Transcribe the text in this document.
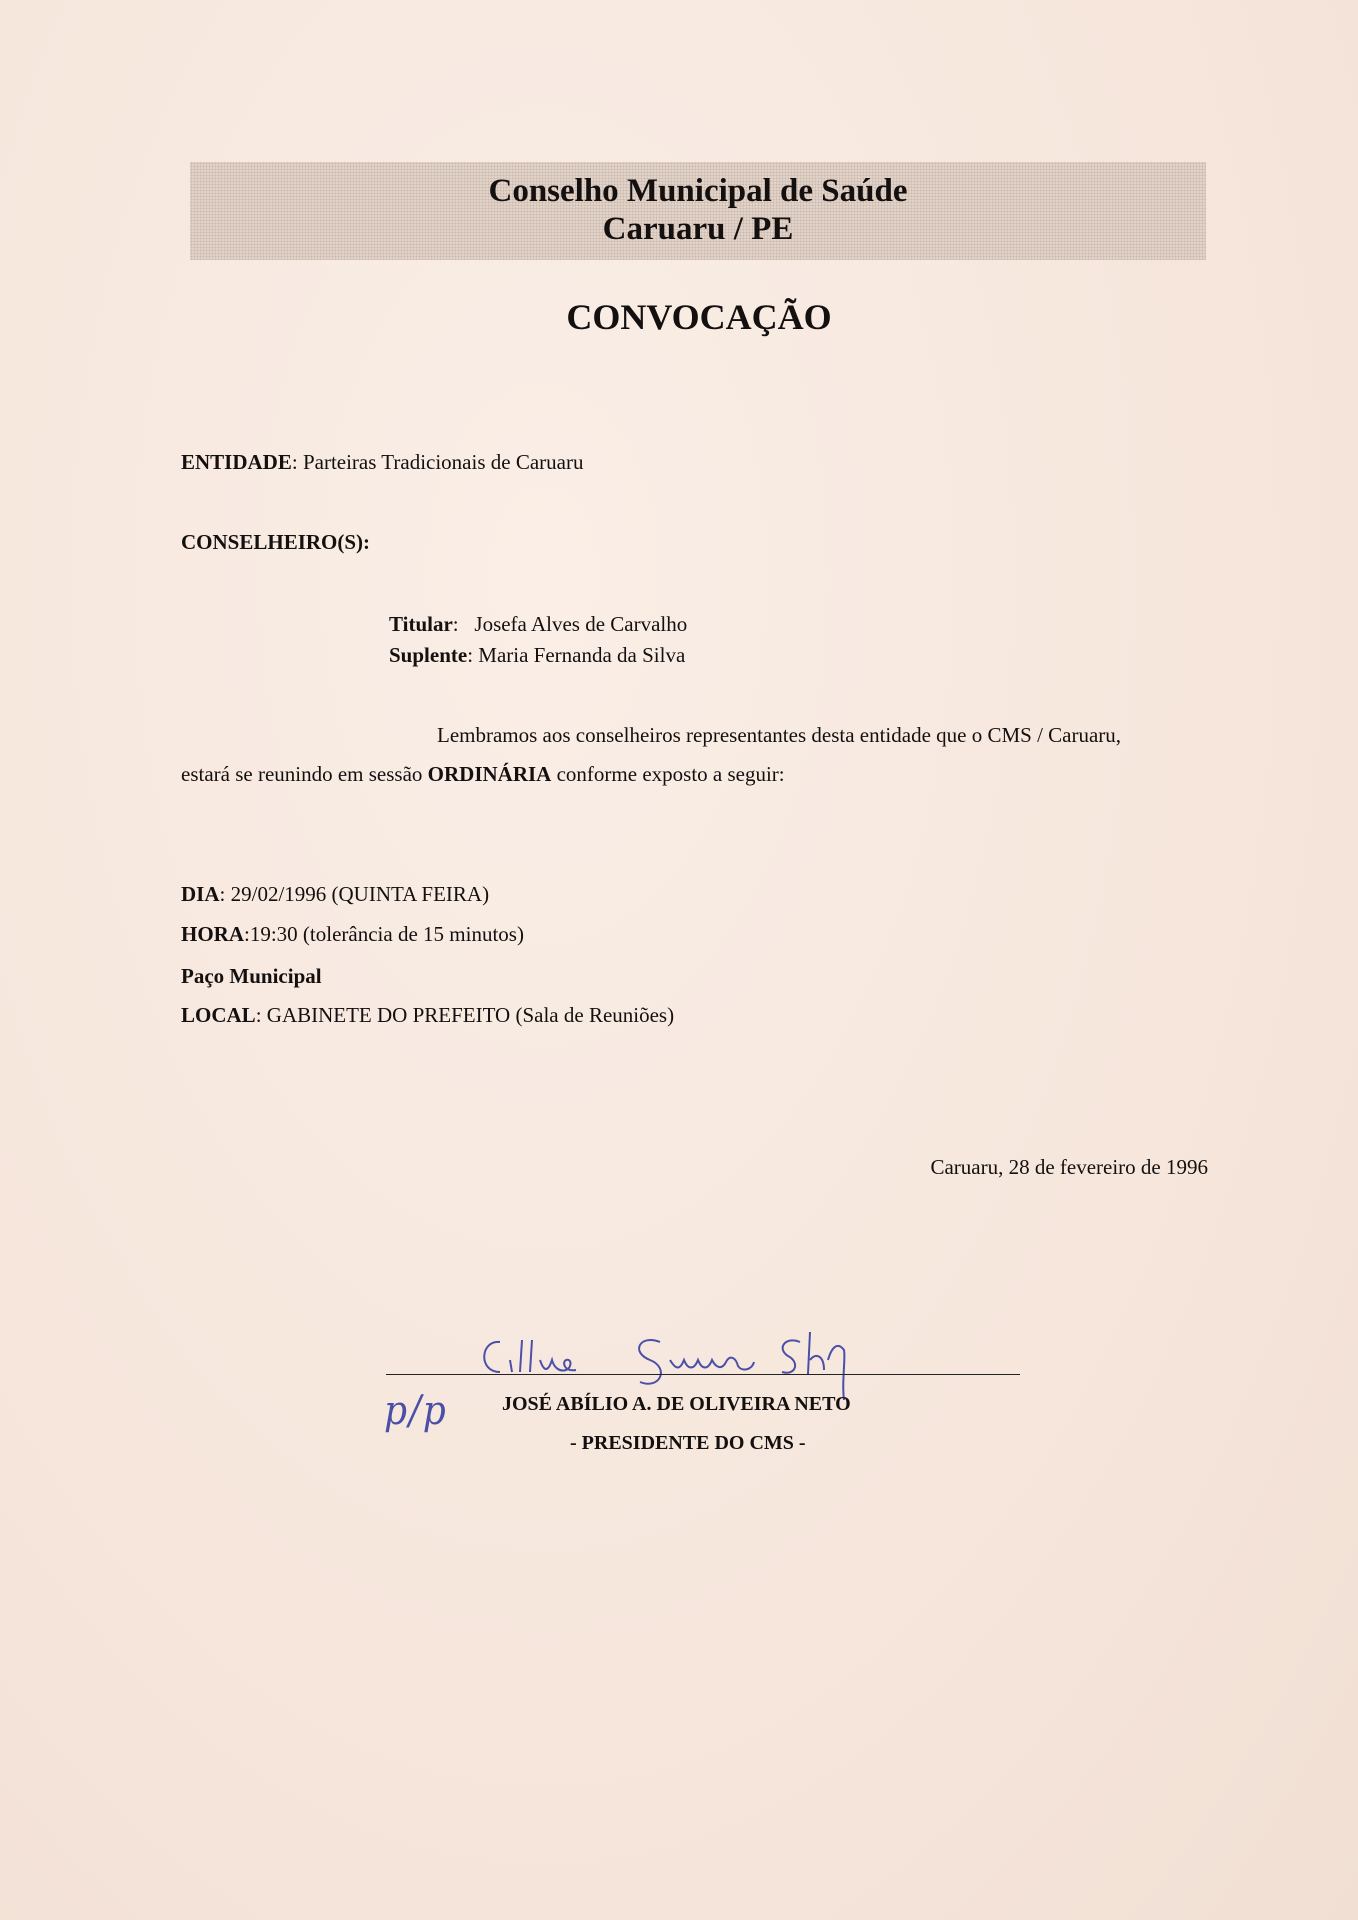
Conselho Municipal de Saúde
Caruaru / PE
CONVOCAÇÃO
ENTIDADE: Parteiras Tradicionais de Caruaru
CONSELHEIRO(S):
Titular:   Josefa Alves de Carvalho
Suplente: Maria Fernanda da Silva
Lembramos aos conselheiros representantes desta entidade que o CMS / Caruaru,
estará se reunindo em sessão ORDINÁRIA conforme exposto a seguir:
DIA: 29/02/1996 (QUINTA FEIRA)
HORA:19:30 (tolerância de 15 minutos)
Paço Municipal
LOCAL: GABINETE DO PREFEITO (Sala de Reuniões)
Caruaru, 28 de fevereiro de 1996
p/p	JOSÉ ABÍLIO A. DE OLIVEIRA NETO
- PRESIDENTE DO CMS -
